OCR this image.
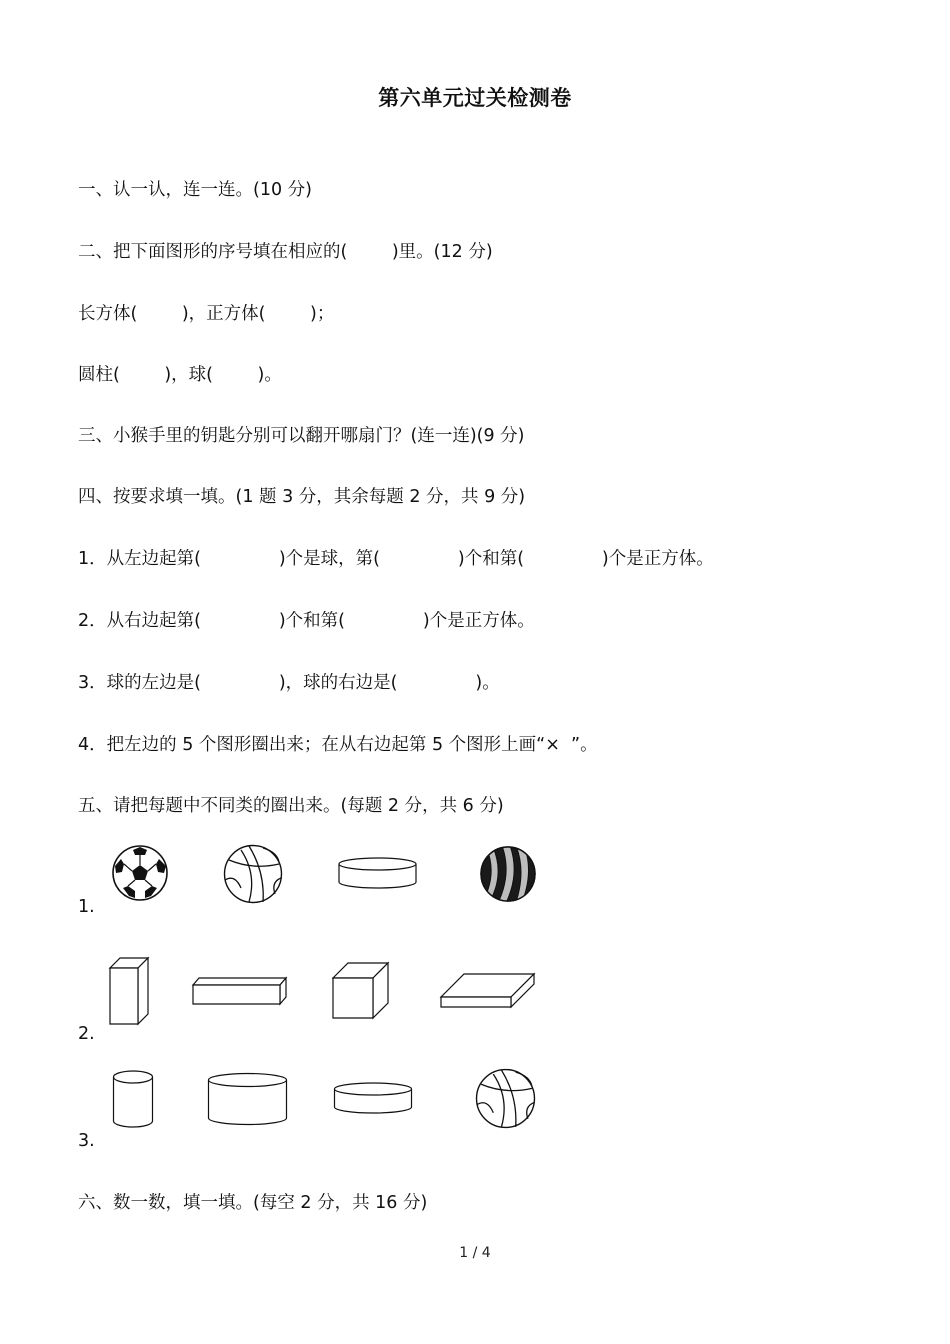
第六单元过关检测卷
一、认一认，连一连。(10 分)
二、把下面图形的序号填在相应的(        )里。(12 分)
长方体(        )，正方体(        )；
圆柱(        )，球(        )。
三、小猴手里的钥匙分别可以翻开哪扇门？(连一连)(9 分)
四、按要求填一填。(1 题 3 分，其余每题 2 分，共 9 分)
1．从左边起第(              )个是球，第(              )个和第(              )个是正方体。
2．从右边起第(              )个和第(              )个是正方体。
3．球的左边是(              )，球的右边是(              )。
4．把左边的 5 个图形圈出来；在从右边起第 5 个图形上画“×  ”。
五、请把每题中不同类的圈出来。(每题 2 分，共 6 分)
1.
2.
3.
六、数一数，填一填。(每空 2 分，共 16 分)
1 / 4
